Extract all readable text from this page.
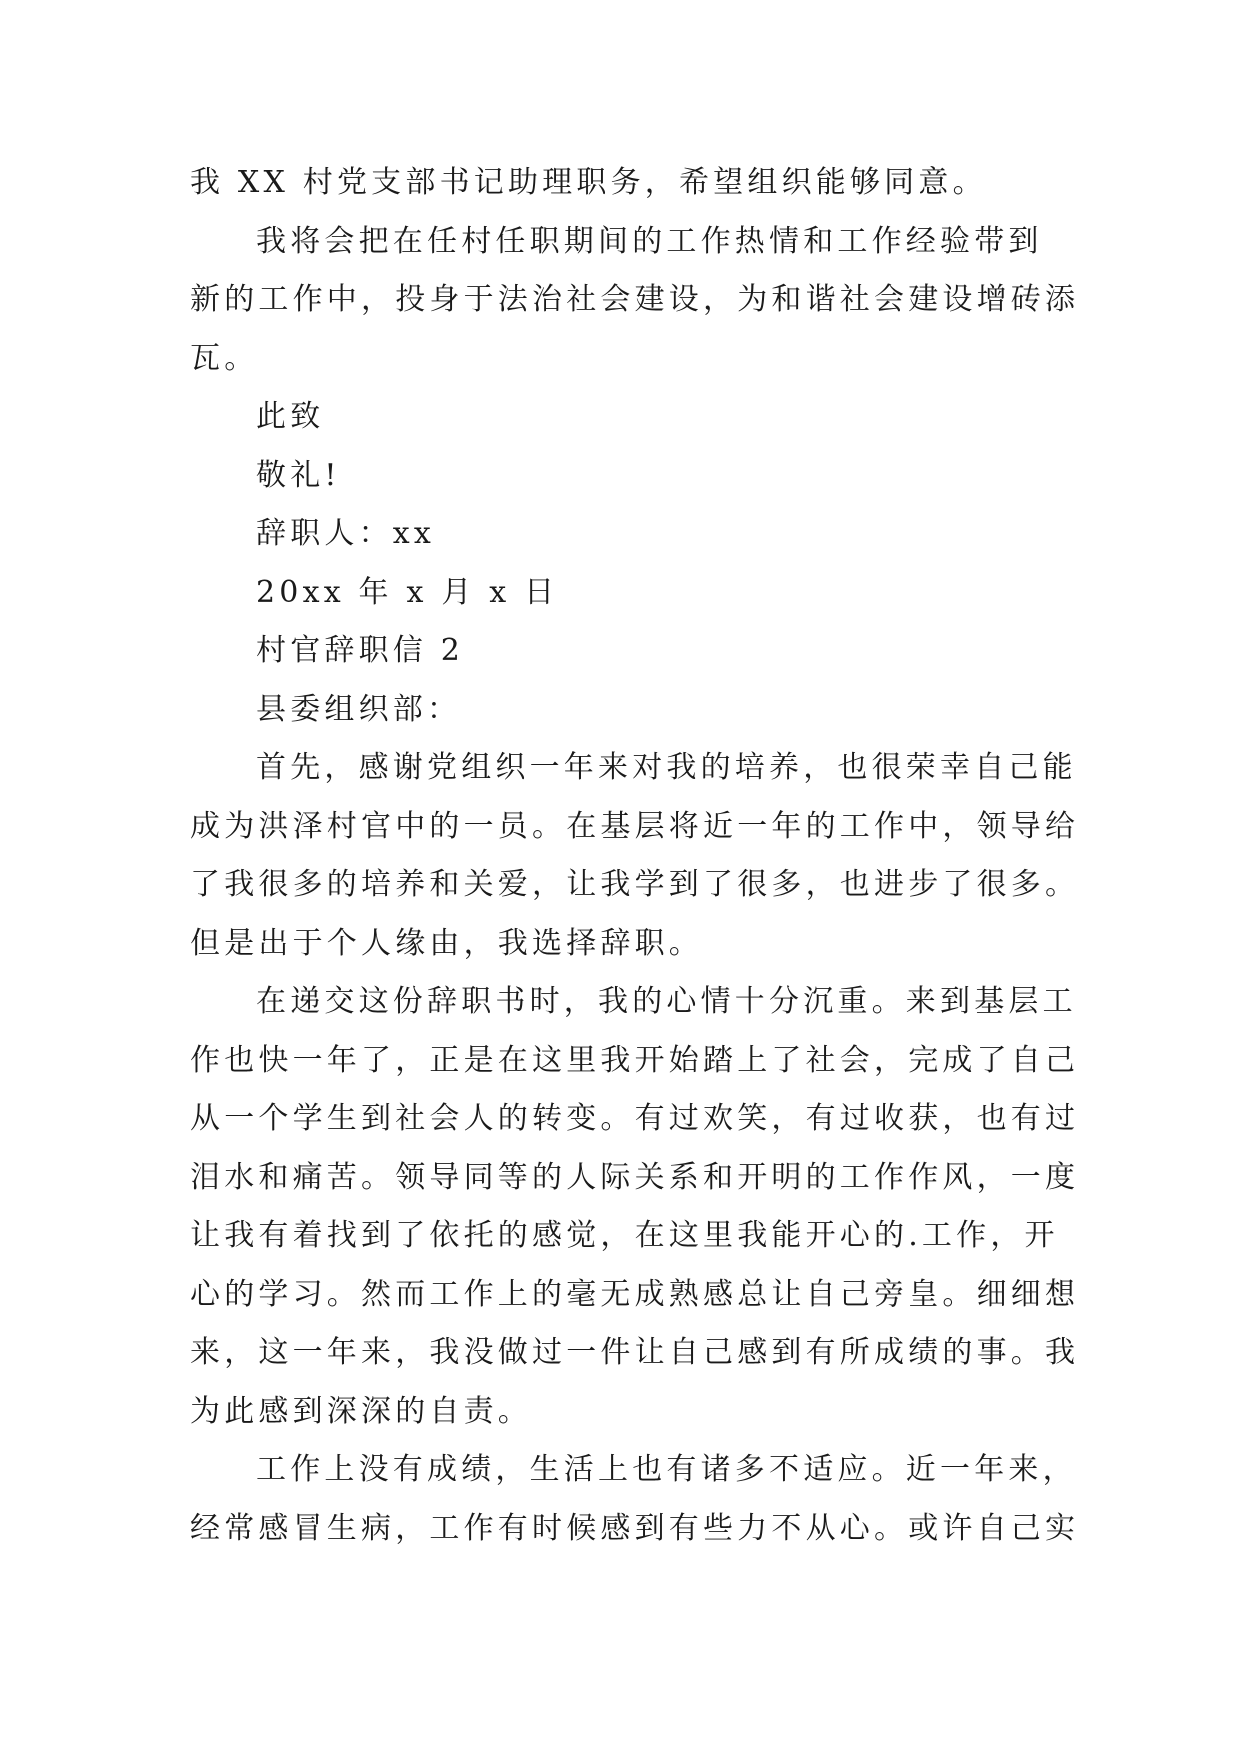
我 XX 村党支部书记助理职务，希望组织能够同意。
我将会把在任村任职期间的工作热情和工作经验带到
新的工作中，投身于法治社会建设，为和谐社会建设增砖添
瓦。
此致
敬礼!
辞职人：xx
20xx 年 x 月 x 日
村官辞职信 2
县委组织部：
首先，感谢党组织一年来对我的培养，也很荣幸自己能
成为洪泽村官中的一员。在基层将近一年的工作中，领导给
了我很多的培养和关爱，让我学到了很多，也进步了很多。
但是出于个人缘由，我选择辞职。
在递交这份辞职书时，我的心情十分沉重。来到基层工
作也快一年了，正是在这里我开始踏上了社会，完成了自己
从一个学生到社会人的转变。有过欢笑，有过收获，也有过
泪水和痛苦。领导同等的人际关系和开明的工作作风，一度
让我有着找到了依托的感觉，在这里我能开心的.工作，开
心的学习。然而工作上的毫无成熟感总让自己旁皇。细细想
来，这一年来，我没做过一件让自己感到有所成绩的事。我
为此感到深深的自责。
工作上没有成绩，生活上也有诸多不适应。近一年来，
经常感冒生病，工作有时候感到有些力不从心。或许自己实
